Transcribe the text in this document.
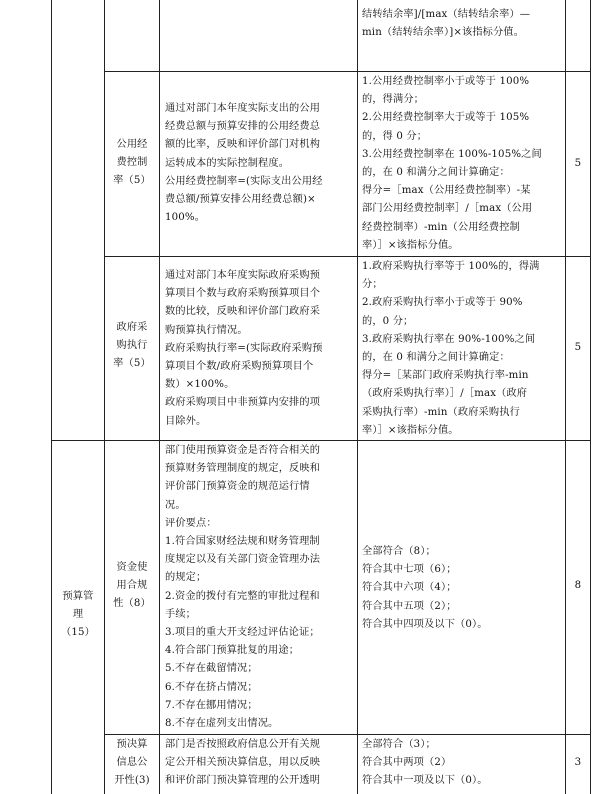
结转结余率]/[max（结转结余率）—

min（结转结余率）]×该指标分值。

公用经

费控制

率（5）

通过对部门本年度实际支出的公用

经费总额与预算安排的公用经费总

额的比率，反映和评价部门对机构

运转成本的实际控制程度。

公用经费控制率=(实际支出公用经

费总额/预算安排公用经费总额)×

100%。

1.公用经费控制率小于或等于 100%

的，得满分；

2.公用经费控制率大于或等于 105%

的，得 0 分；

3.公用经费控制率在 100%-105%之间

的，在 0 和满分之间计算确定：

得分=［max（公用经费控制率）-某

部门公用经费控制率］/［max（公用

经费控制率）-min（公用经费控制

率）］×该指标分值。

5

政府采

购执行

率（5）

通过对部门本年度实际政府采购预

算项目个数与政府采购预算项目个

数的比较，反映和评价部门政府采

购预算执行情况。

政府采购执行率=(实际政府采购预

算项目个数/政府采购预算项目个

数）×100%。

政府采购项目中非预算内安排的项

目除外。

1.政府采购执行率等于 100%的，得满

分；

2.政府采购执行率小于或等于 90%

的，0 分；

3.政府采购执行率在 90%-100%之间

的，在 0 和满分之间计算确定：

得分=［某部门政府采购执行率-min

（政府采购执行率）］/［max（政府

采购执行率）-min（政府采购执行

率）］×该指标分值。

5

预算管

理

（15）

资金使

用合规

性（8）

部门使用预算资金是否符合相关的

预算财务管理制度的规定，反映和

评价部门预算资金的规范运行情

况。

评价要点：

1.符合国家财经法规和财务管理制

度规定以及有关部门资金管理办法

的规定；

2.资金的拨付有完整的审批过程和

手续；

3.项目的重大开支经过评估论证；

4.符合部门预算批复的用途；

5.不存在截留情况；

6.不存在挤占情况；

7.不存在挪用情况；

8.不存在虚列支出情况。

全部符合（8）；

符合其中七项（6）；

符合其中六项（4）；

符合其中五项（2）；

符合其中四项及以下（0）。

8

预决算

信息公

开性(3)

部门是否按照政府信息公开有关规

定公开相关预决算信息，用以反映

和评价部门预决算管理的公开透明

全部符合（3）；

符合其中两项（2）

符合其中一项及以下（0）。

3
